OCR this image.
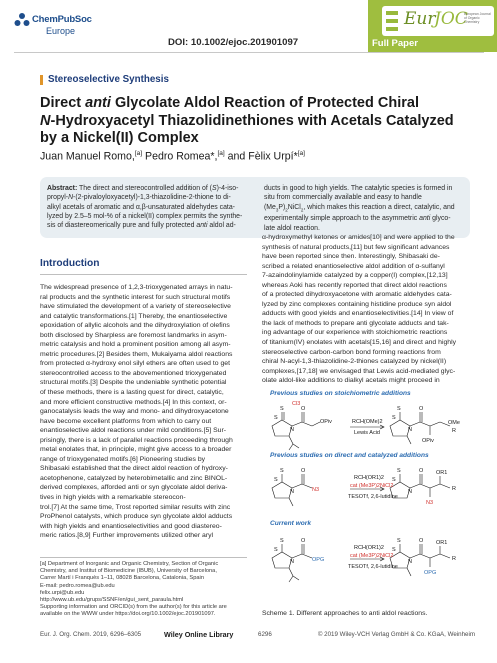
ChemPubSoc
Europe
DOI: 10.1002/ejoc.201901097
Eur
JOC
European Journal of Organic Chemistry
Full Paper
Stereoselective Synthesis
Direct anti Glycolate Aldol Reaction of Protected Chiral
N-Hydroxyacetyl Thiazolidinethiones with Acetals Catalyzed
by a Nickel(II) Complex
Juan Manuel Romo,[a] Pedro Romea*,[a] and Fèlix Urpí*[a]
Abstract: The direct and stereocontrolled addition of (S)-4-iso-
propyl-N-(2-pivaloyloxyacetyl)-1,3-thiazolidine-2-thione to di-
alkyl acetals of aromatic and α,β-unsaturated aldehydes cata-
lyzed by 2.5–5 mol-% of a nickel(II) complex permits the synthe-
sis of diastereomerically pure and fully protected anti aldol ad-
ducts in good to high yields. The catalytic species is formed in
situ from commercially available and easy to handle
$(Me_3P)_2NiCl_2$, which makes this reaction a direct, catalytic, and
experimentally simple approach to the asymmetric anti glyco-
late aldol reaction.
Introduction
The widespread presence of 1,2,3-trioxygenated arrays in natu-
ral products and the synthetic interest for such structural motifs
have stimulated the development of a variety of stereoselective
and catalytic transformations.[1] Thereby, the enantioselective
epoxidation of allylic alcohols and the dihydroxylation of olefins
both disclosed by Sharpless are foremost landmarks in asym-
metric catalysis and hold a prominent position among all asym-
metric procedures.[2] Besides them, Mukaiyama aldol reactions
from protected α-hydroxy enol silyl ethers are often used to get
stereocontrolled access to the abovementioned trioxygenated
structural motifs.[3] Despite the undeniable synthetic potential
of these methods, there is a lasting quest for direct, catalytic,
and more efficient constructive methods.[4] In this context, or-
ganocatalysis leads the way and mono- and dihydroxyacetone
have become excellent platforms from which to carry out
enantioselective aldol reactions under mild conditions.[5] Sur-
prisingly, there is a lack of parallel reactions proceeding through
metal enolates that, in principle, might give access to a broader
range of trioxygenated motifs.[6] Pioneering studies by
Shibasaki established that the direct aldol reaction of hydroxy-
acetophenone, catalyzed by heterobimetallic and zinc BINOL-
derived complexes, afforded anti or syn glycolate aldol deriva-
tives in high yields with a remarkable stereocon-
trol.[7] At the same time, Trost reported similar results with zinc
ProPhenol catalysts, which produce syn glycolate aldol adducts
with high yields and enantioselectivities and good diastereo-
meric ratios.[8,9] Further improvements utilized other aryl
α-hydroxymethyl ketones or amides[10] and were applied to the
synthesis of natural products,[11] but few significant advances
have been reported since then. Interestingly, Shibasaki de-
scribed a related enantioselective aldol addition of α-sulfanyl
7-azaindolinylamide catalyzed by a copper(I) complex,[12,13]
whereas Aoki has recently reported that direct aldol reactions
of a protected dihydroxyacetone with aromatic aldehydes cata-
lyzed by zinc complexes containing histidine produce syn aldol
adducts with good yields and enantioselectivities.[14] In view of
the lack of methods to prepare anti glycolate adducts and tak-
ing advantage of our experience with stoichiometric reactions
of titanium(IV) enolates with acetals[15,16] and direct and highly
stereoselective carbon-carbon bond forming reactions from
chiral N-acyl-1,3-thiazolidine-2-thiones catalyzed by nickel(II)
complexes,[17,18] we envisaged that Lewis acid-mediated glyc-
olate aldol-like additions to dialkyl acetals might proceed in
S
S
N
O
OPiv
Cl3
RCH(OMe)2
Lewis Acid
S
S
N
O
OMe
R
OPiv
S
S
N
O
N3
RCH(OR1)2
cat (Me3P)2NiCl2
TESOTf, 2,6-lutidine
S
S
N
O OR1
R
N3
S
S
N
O
OPG
RCH(OR1)2
cat (Me3P)2NiCl2
TESOTf, 2,6-lutidine
S
S
N
O OR1
R
OPG
Previous studies on stoichiometric additions
Previous studies on direct and catalyzed additions
Current work
Scheme 1. Different approaches to anti aldol reactions.
[a] Department of Inorganic and Organic Chemistry, Section of Organic
Chemistry, and Institut of Biomedicine (IBUB), University of Barcelona,
Carrer Martí i Franquès 1–11, 08028 Barcelona, Catalonia, Spain
E-mail: pedro.romea@ub.edu
felix.urpi@ub.edu
http://www.ub.edu/grups/SSNF/en/gui_sent_paraula.html
Supporting information and ORCID(s) from the author(s) for this article are
available on the WWW under https://doi.org/10.1002/ejoc.201901097.
Eur. J. Org. Chem. 2019, 6296–6305	Wiley Online Library	6296	© 2019 Wiley-VCH Verlag GmbH & Co. KGaA, Weinheim
